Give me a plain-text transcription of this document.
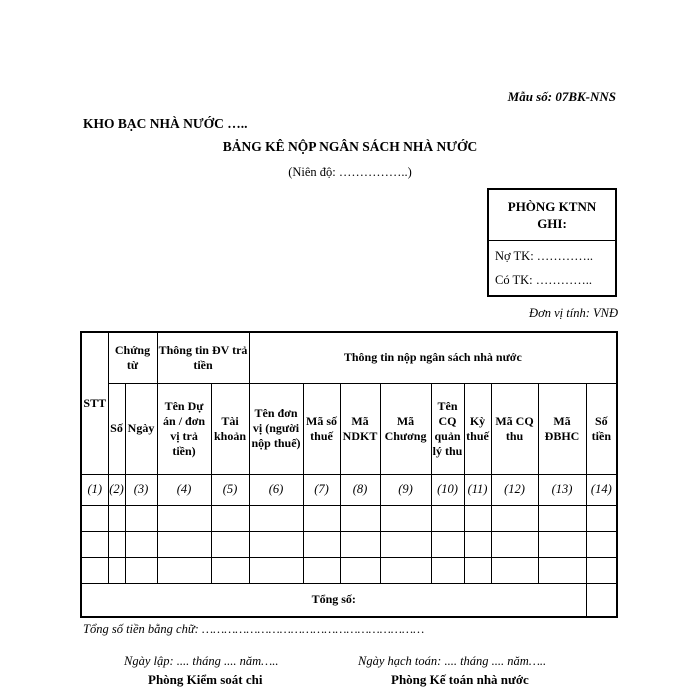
Mẫu số: 07BK-NNS
KHO BẠC NHÀ NƯỚC …..
BẢNG KÊ NỘP NGÂN SÁCH NHÀ NƯỚC
(Niên độ: ……………..)
PHÒNG KTNN
GHI:
Nợ TK: …………..
Có TK: …………..
Đơn vị tính: VNĐ
STT	Chứng từ		Thông tin ĐV trả tiền		Thông tin nộp ngân sách nhà nước								
	Số	Ngày	Tên Dự án / đơn vị trả tiền)	Tài khoản	Tên đơn vị (người nộp thuế)	Mã số thuế	Mã NDKT	Mã Chương	Tên CQ quản lý thu	Kỳ thuế	Mã CQ thu	Mã ĐBHC	Số tiền
(1)	(2)	(3)	(4)	(5)	(6)	(7)	(8)	(9)	(10)	(11)	(12)	(13)	(14)

Tổng số:													
Tổng số tiền bằng chữ: ……………………………………………………
Ngày lập: .... tháng .... năm…..	Ngày hạch toán: .... tháng .... năm…..
Phòng Kiểm soát chi	Phòng Kế toán nhà nước
